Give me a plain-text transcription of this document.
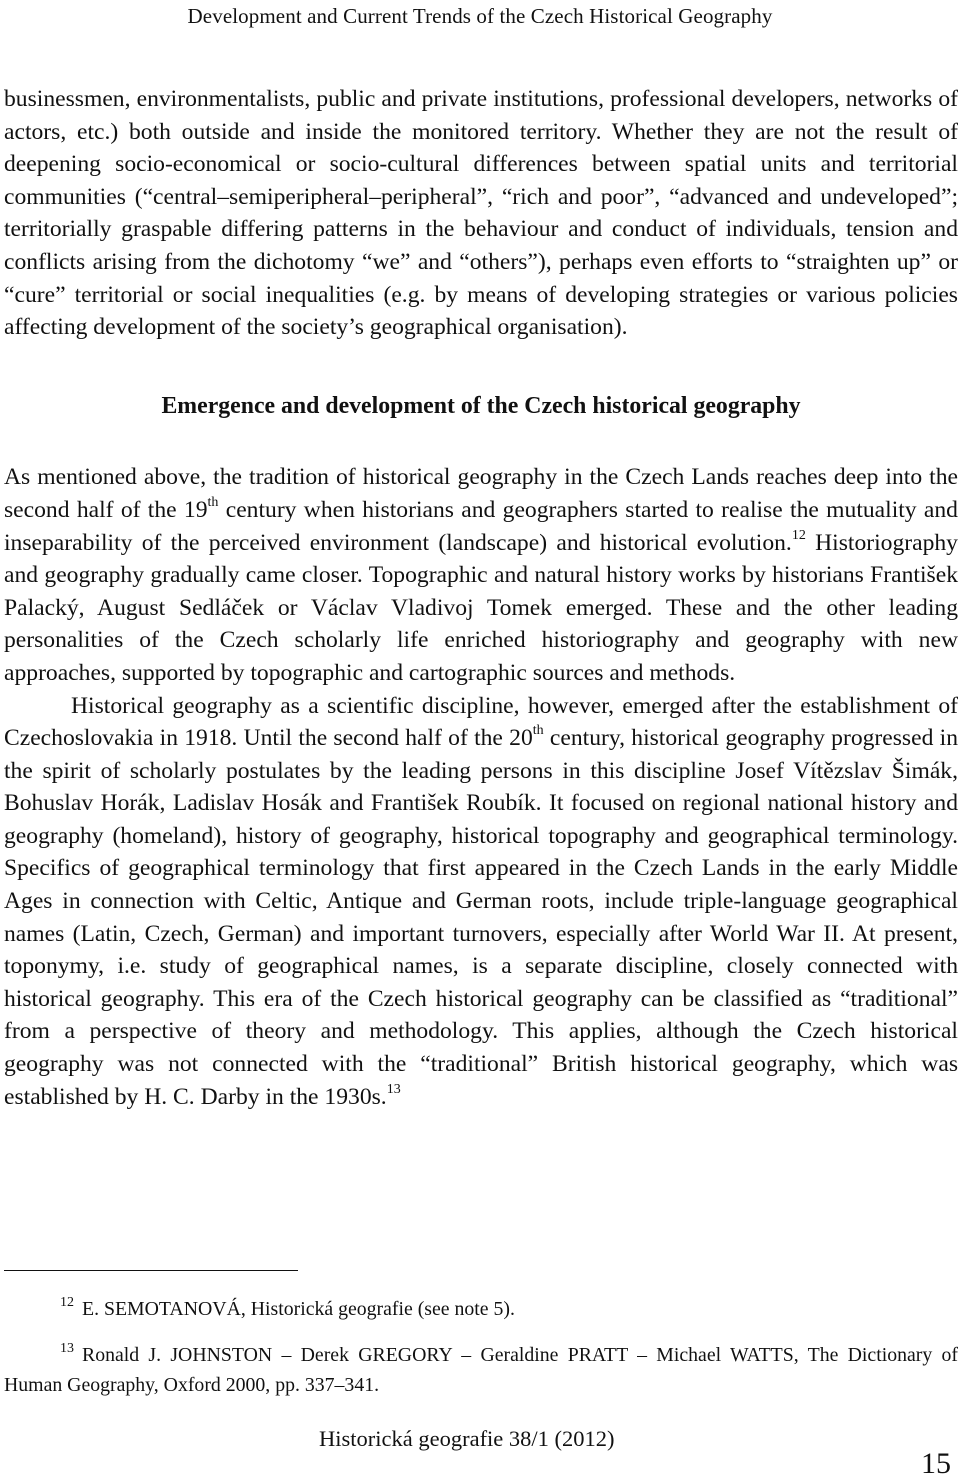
Development and Current Trends of the Czech Historical Geography

businessmen, environmentalists, public and private institutions, professional developers, networks of actors, etc.) both outside and inside the monitored territory. Whether they are not the result of deepening socio-economical or socio-cultural differences between spatial units and territorial communities (“central–semiperipheral–peripheral”, “rich and poor”, “advanced and undeveloped”; territorially graspable differing patterns in the behaviour and conduct of individuals, tension and conflicts arising from the dichotomy “we” and “others”), perhaps even efforts to “straighten up” or “cure” territorial or social inequalities (e.g. by means of developing strategies or various policies affecting development of the society’s geographical organisation).

Emergence and development of the Czech historical geography

As mentioned above, the tradition of historical geography in the Czech Lands reaches deep into the second half of the 19th century when historians and geographers started to realise the mutuality and inseparability of the perceived environment (landscape) and historical evolution.$^{12}$ Historiography and geography gradually came closer. Topographic and natural history works by historians František Palacký, August Sedláček or Václav Vladivoj Tomek emerged. These and the other leading personalities of the Czech scholarly life enriched historiography and geography with new approaches, supported by topographic and cartographic sources and methods.

Historical geography as a scientific discipline, however, emerged after the establishment of Czechoslovakia in 1918. Until the second half of the 20th century, historical geography progressed in the spirit of scholarly postulates by the leading persons in this discipline Josef Vítězslav Šimák, Bohuslav Horák, Ladislav Hosák and František Roubík. It focused on regional national history and geography (homeland), history of geography, historical topography and geographical terminology. Specifics of geographical terminology that first appeared in the Czech Lands in the early Middle Ages in connection with Celtic, Antique and German roots, include triple-language geographical names (Latin, Czech, German) and important turnovers, especially after World War II. At present, toponymy, i.e. study of geographical names, is a separate discipline, closely connected with historical geography. This era of the Czech historical geography can be classified as “traditional” from a perspective of theory and methodology. This applies, although the Czech historical geography was not connected with the “traditional” British historical geography, which was established by H. C. Darby in the 1930s.$^{13}$

$^{12}$ E. SEMOTANOVÁ, Historická geografie (see note 5).

$^{13}$ Ronald J. JOHNSTON – Derek GREGORY – Geraldine PRATT – Michael WATTS, The Dictionary of Human Geography, Oxford 2000, pp. 337–341.

Historická geografie 38/1 (2012)
15
